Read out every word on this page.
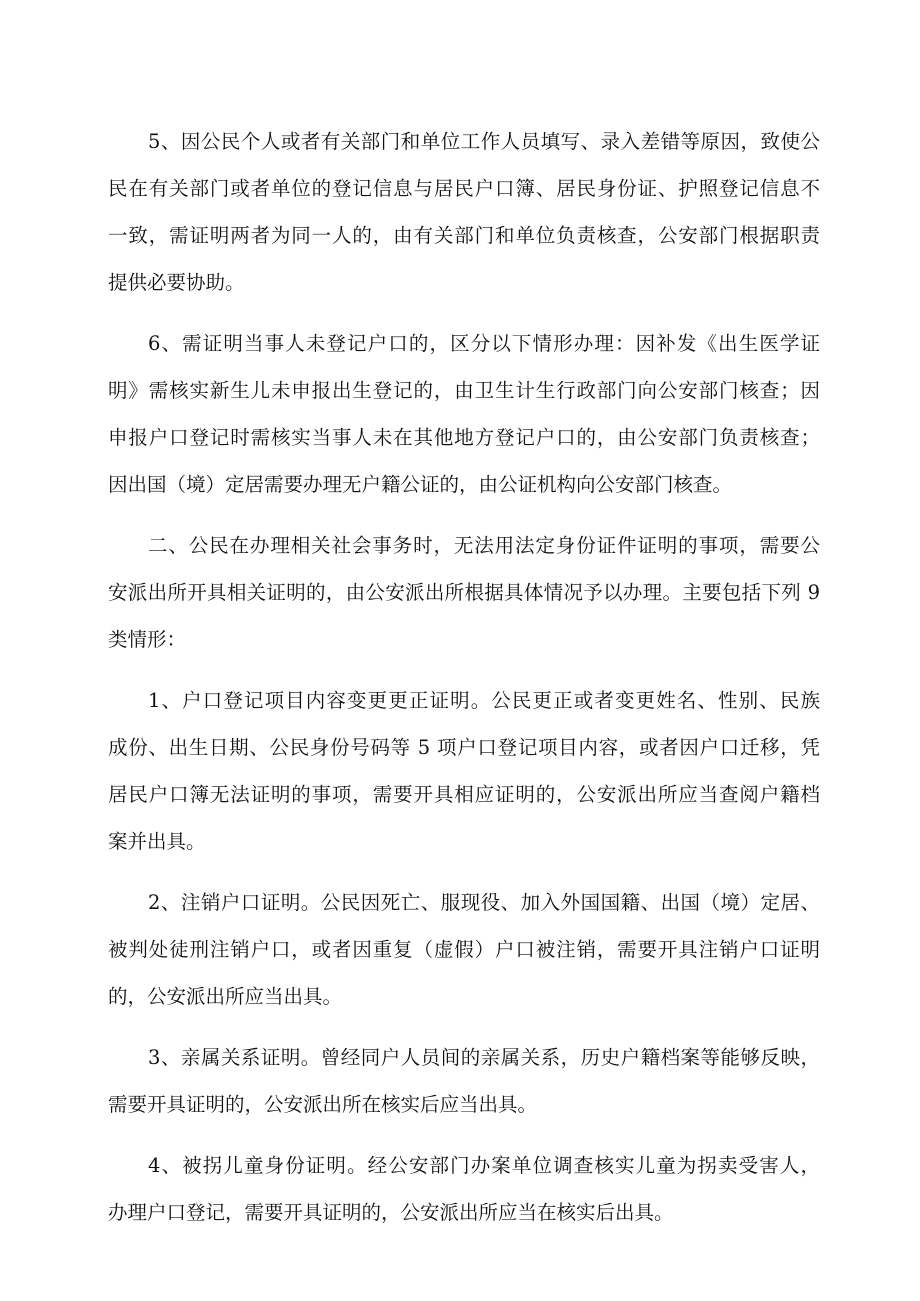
5、因公民个人或者有关部门和单位工作人员填写、录入差错等原因，致使公
民在有关部门或者单位的登记信息与居民户口簿、居民身份证、护照登记信息不
一致，需证明两者为同一人的，由有关部门和单位负责核查，公安部门根据职责
提供必要协助。
6、需证明当事人未登记户口的，区分以下情形办理：因补发《出生医学证
明》需核实新生儿未申报出生登记的，由卫生计生行政部门向公安部门核查；因
申报户口登记时需核实当事人未在其他地方登记户口的，由公安部门负责核查；
因出国（境）定居需要办理无户籍公证的，由公证机构向公安部门核查。
二、公民在办理相关社会事务时，无法用法定身份证件证明的事项，需要公
安派出所开具相关证明的，由公安派出所根据具体情况予以办理。主要包括下列 9
类情形：
1、户口登记项目内容变更更正证明。公民更正或者变更姓名、性别、民族
成份、出生日期、公民身份号码等 5 项户口登记项目内容，或者因户口迁移，凭
居民户口簿无法证明的事项，需要开具相应证明的，公安派出所应当查阅户籍档
案并出具。
2、注销户口证明。公民因死亡、服现役、加入外国国籍、出国（境）定居、
被判处徒刑注销户口，或者因重复（虚假）户口被注销，需要开具注销户口证明
的，公安派出所应当出具。
3、亲属关系证明。曾经同户人员间的亲属关系，历史户籍档案等能够反映，
需要开具证明的，公安派出所在核实后应当出具。
4、被拐儿童身份证明。经公安部门办案单位调查核实儿童为拐卖受害人，
办理户口登记，需要开具证明的，公安派出所应当在核实后出具。
